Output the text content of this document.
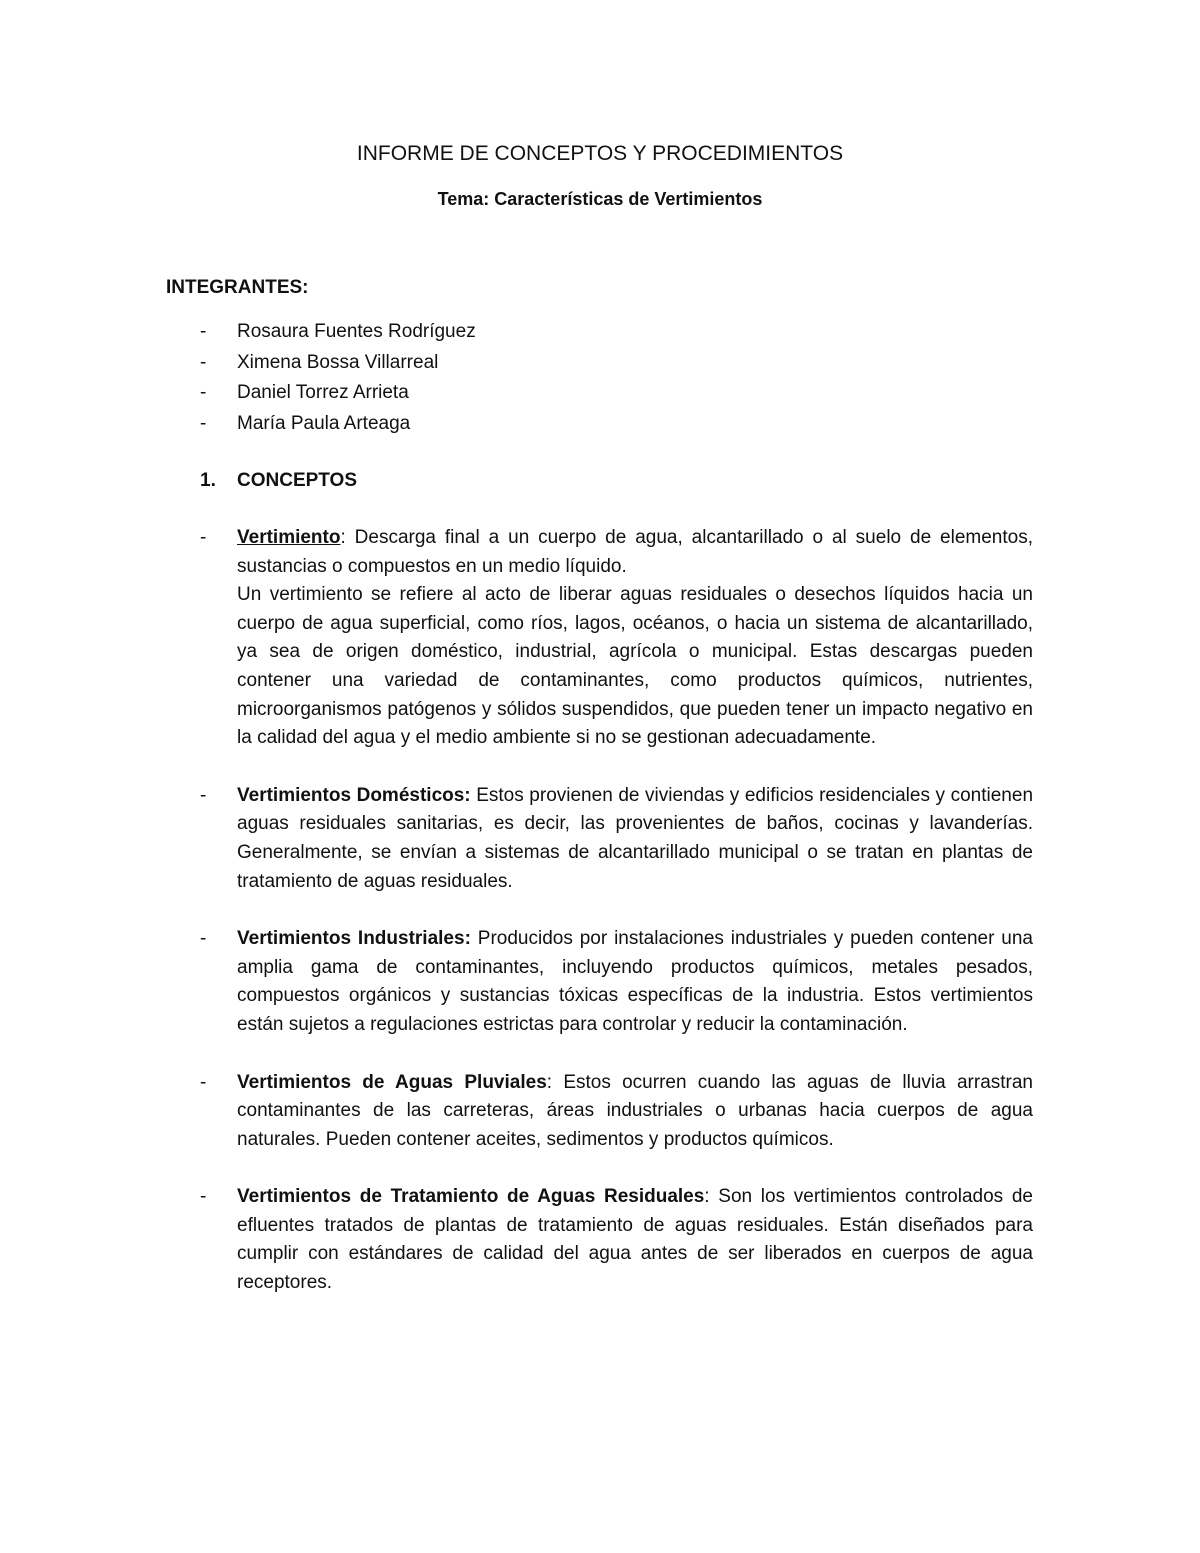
INFORME DE CONCEPTOS Y PROCEDIMIENTOS
Tema: Características de Vertimientos
INTEGRANTES:
- Rosaura Fuentes Rodríguez
- Ximena Bossa Villarreal
- Daniel Torrez Arrieta
- María Paula Arteaga
1. CONCEPTOS
- Vertimiento: Descarga final a un cuerpo de agua, alcantarillado o al suelo de elementos, sustancias o compuestos en un medio líquido.
Un vertimiento se refiere al acto de liberar aguas residuales o desechos líquidos hacia un cuerpo de agua superficial, como ríos, lagos, océanos, o hacia un sistema de alcantarillado, ya sea de origen doméstico, industrial, agrícola o municipal. Estas descargas pueden contener una variedad de contaminantes, como productos químicos, nutrientes, microorganismos patógenos y sólidos suspendidos, que pueden tener un impacto negativo en la calidad del agua y el medio ambiente si no se gestionan adecuadamente.
- Vertimientos Domésticos: Estos provienen de viviendas y edificios residenciales y contienen aguas residuales sanitarias, es decir, las provenientes de baños, cocinas y lavanderías. Generalmente, se envían a sistemas de alcantarillado municipal o se tratan en plantas de tratamiento de aguas residuales.
- Vertimientos Industriales: Producidos por instalaciones industriales y pueden contener una amplia gama de contaminantes, incluyendo productos químicos, metales pesados, compuestos orgánicos y sustancias tóxicas específicas de la industria. Estos vertimientos están sujetos a regulaciones estrictas para controlar y reducir la contaminación.
- Vertimientos de Aguas Pluviales: Estos ocurren cuando las aguas de lluvia arrastran contaminantes de las carreteras, áreas industriales o urbanas hacia cuerpos de agua naturales. Pueden contener aceites, sedimentos y productos químicos.
- Vertimientos de Tratamiento de Aguas Residuales: Son los vertimientos controlados de efluentes tratados de plantas de tratamiento de aguas residuales. Están diseñados para cumplir con estándares de calidad del agua antes de ser liberados en cuerpos de agua receptores.
